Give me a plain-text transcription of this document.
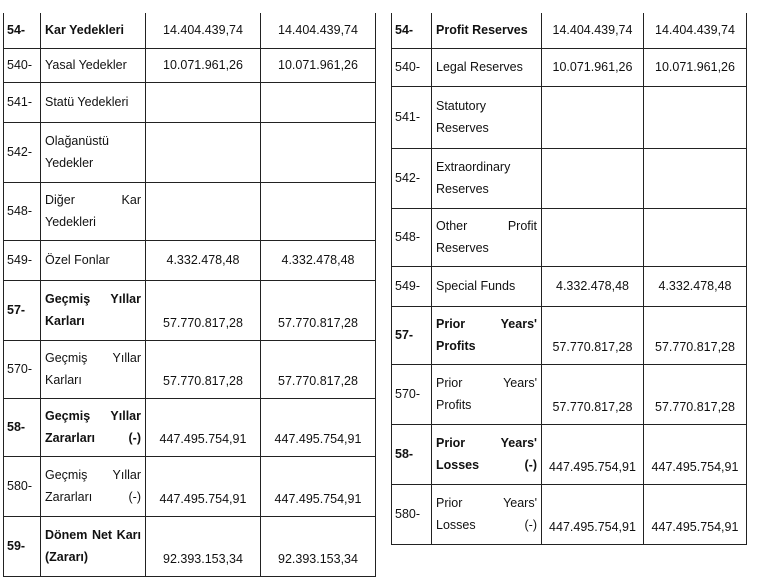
54-	Kar Yedekleri	14.404.439,74	14.404.439,74
540-	Yasal Yedekler	10.071.961,26	10.071.961,26
541-	Statü Yedekleri		
542-	Olağanüstü Yedekler		
548-	Diğer Kar Yedekleri		
549-	Özel Fonlar	4.332.478,48	4.332.478,48
57-	Geçmiş Yıllar Karları	57.770.817,28	57.770.817,28
570-	Geçmiş Yıllar Karları	57.770.817,28	57.770.817,28
58-	Geçmiş Yıllar Zararları (-)	447.495.754,91	447.495.754,91
580-	Geçmiş Yıllar Zararları (-)	447.495.754,91	447.495.754,91
59-	Dönem Net Karı (Zararı)	92.393.153,34	92.393.153,34
54-	Profit Reserves	14.404.439,74	14.404.439,74
540-	Legal Reserves	10.071.961,26	10.071.961,26
541-	Statutory Reserves		
542-	Extraordinary Reserves		
548-	Other Profit Reserves		
549-	Special Funds	4.332.478,48	4.332.478,48
57-	Prior Years' Profits	57.770.817,28	57.770.817,28
570-	Prior Years' Profits	57.770.817,28	57.770.817,28
58-	Prior Years' Losses (-)	447.495.754,91	447.495.754,91
580-	Prior Years' Losses (-)	447.495.754,91	447.495.754,91
